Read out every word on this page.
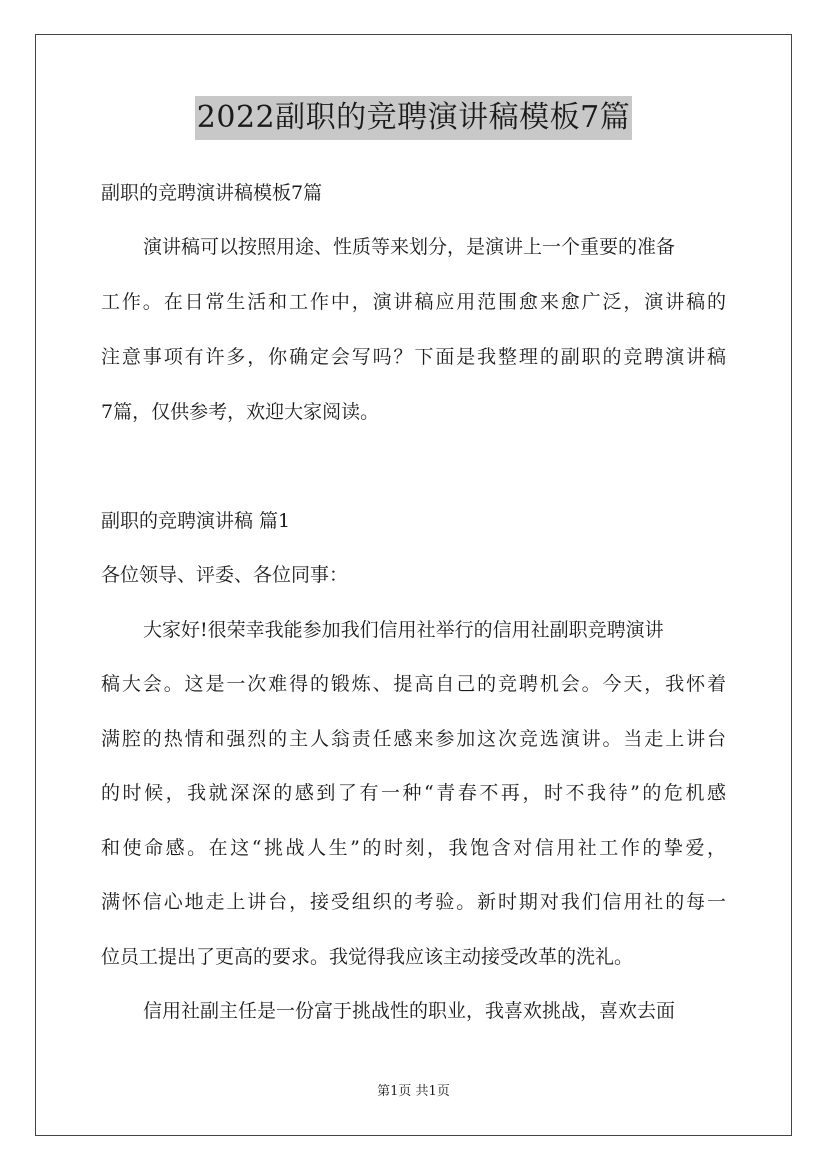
2022副职的竞聘演讲稿模板7篇
副职的竞聘演讲稿模板7篇
演讲稿可以按照用途、性质等来划分，是演讲上一个重要的准备
工作。在日常生活和工作中，演讲稿应用范围愈来愈广泛，演讲稿的
注意事项有许多，你确定会写吗？下面是我整理的副职的竞聘演讲稿
7篇，仅供参考，欢迎大家阅读。
副职的竞聘演讲稿 篇1
各位领导、评委、各位同事：
大家好!很荣幸我能参加我们信用社举行的信用社副职竞聘演讲
稿大会。这是一次难得的锻炼、提高自己的竞聘机会。今天，我怀着
满腔的热情和强烈的主人翁责任感来参加这次竞选演讲。当走上讲台
的时候，我就深深的感到了有一种“青春不再，时不我待”的危机感
和使命感。在这“挑战人生”的时刻，我饱含对信用社工作的挚爱，
满怀信心地走上讲台，接受组织的考验。新时期对我们信用社的每一
位员工提出了更高的要求。我觉得我应该主动接受改革的洗礼。
信用社副主任是一份富于挑战性的职业，我喜欢挑战，喜欢去面
第1页 共1页
